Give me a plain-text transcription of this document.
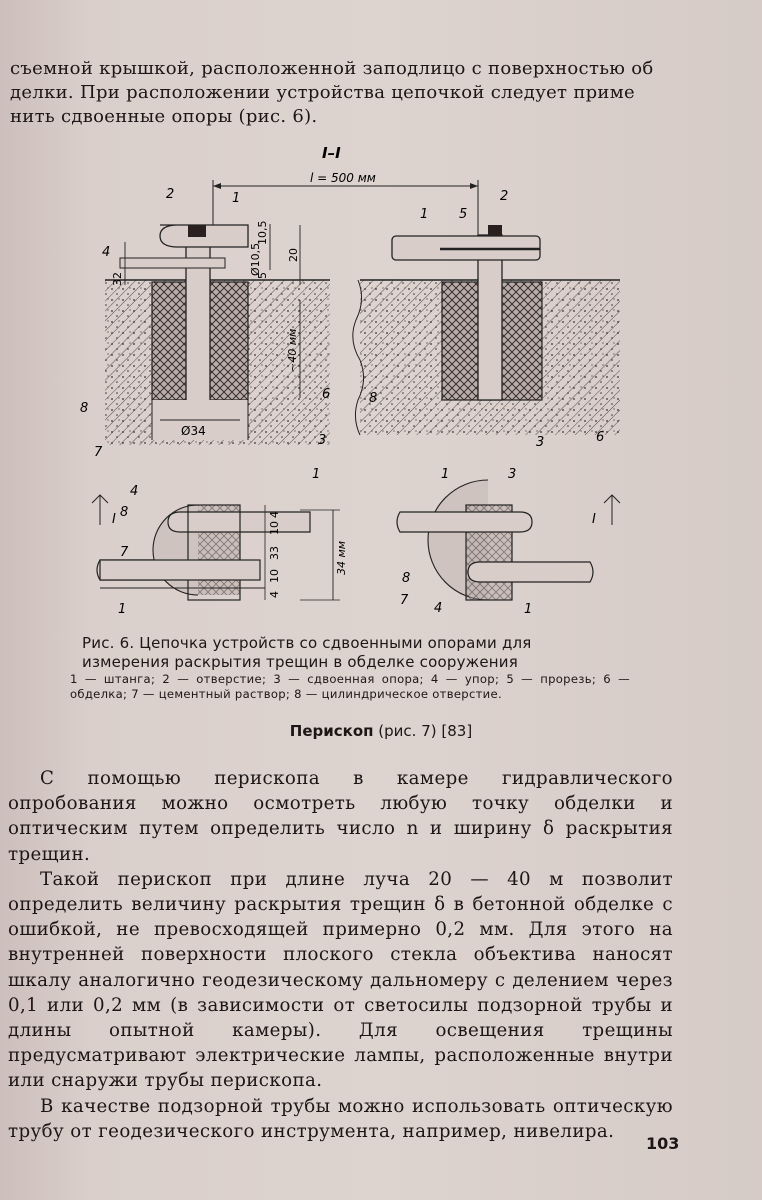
съемной крышкой, расположенной заподлицо с поверхностью об
делки. При расположении устройства цепочкой следует приме
нить сдвоенные опоры (рис. 6).
I–I
l = 500 мм
10,5
Ø10,5 20
5
32
~40 мм
Ø34
10
33
10
4
4
34 мм
I	I
2	1
4
8
7
6
3
2
1 5
8
3	6
4
8
7
1
1
1	3
8
7
4	1
Рис. 6. Цепочка устройств со сдвоенными опорами для измерения раскрытия трещин в обделке сооружения
1 — штанга; 2 — отверстие; 3 — сдвоенная опора; 4 — упор; 5 — прорезь; 6 — обделка; 7 — цементный раствор; 8 — цилиндрическое отверстие.
Перископ (рис. 7) [83]

С помощью перископа в камере гидравлического опробования можно осмотреть любую точку обделки и оптическим путем определить число n и ширину δ раскрытия трещин.

Такой перископ при длине луча 20 — 40 м позволит определить величину раскрытия трещин δ в бетонной обделке с ошибкой, не превосходящей примерно 0,2 мм. Для этого на внутренней поверхности плоского стекла объектива наносят шкалу аналогично геодезическому дальномеру с делением через 0,1 или 0,2 мм (в зависимости от светосилы подзорной трубы и длины опытной камеры). Для освещения трещины предусматривают электрические лампы, расположенные внутри или снаружи трубы перископа.

В качестве подзорной трубы можно использовать оптическую трубу от геодезического инструмента, например, нивелира.

103
